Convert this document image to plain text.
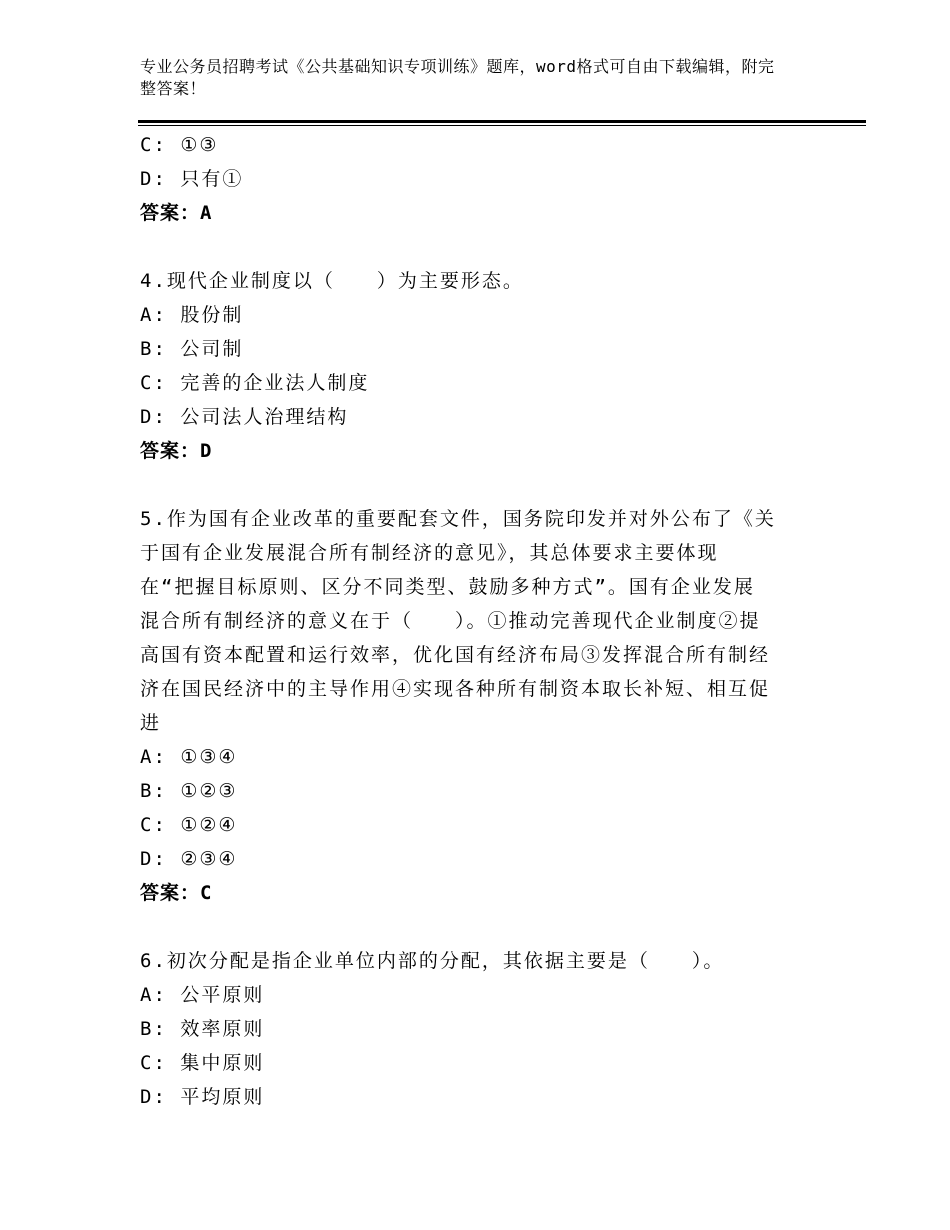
专业公务员招聘考试《公共基础知识专项训练》题库，word格式可自由下载编辑，附完整答案！
C: ①③
D: 只有①
答案：A
4.现代企业制度以（　　）为主要形态。
A: 股份制
B: 公司制
C: 完善的企业法人制度
D: 公司法人治理结构
答案：D
5.作为国有企业改革的重要配套文件，国务院印发并对外公布了《关
于国有企业发展混合所有制经济的意见》，其总体要求主要体现
在“把握目标原则、区分不同类型、鼓励多种方式”。国有企业发展
混合所有制经济的意义在于（　　）。①推动完善现代企业制度②提
高国有资本配置和运行效率，优化国有经济布局③发挥混合所有制经
济在国民经济中的主导作用④实现各种所有制资本取长补短、相互促
进
A: ①③④
B: ①②③
C: ①②④
D: ②③④
答案：C
6.初次分配是指企业单位内部的分配，其依据主要是（　　）。
A: 公平原则
B: 效率原则
C: 集中原则
D: 平均原则
